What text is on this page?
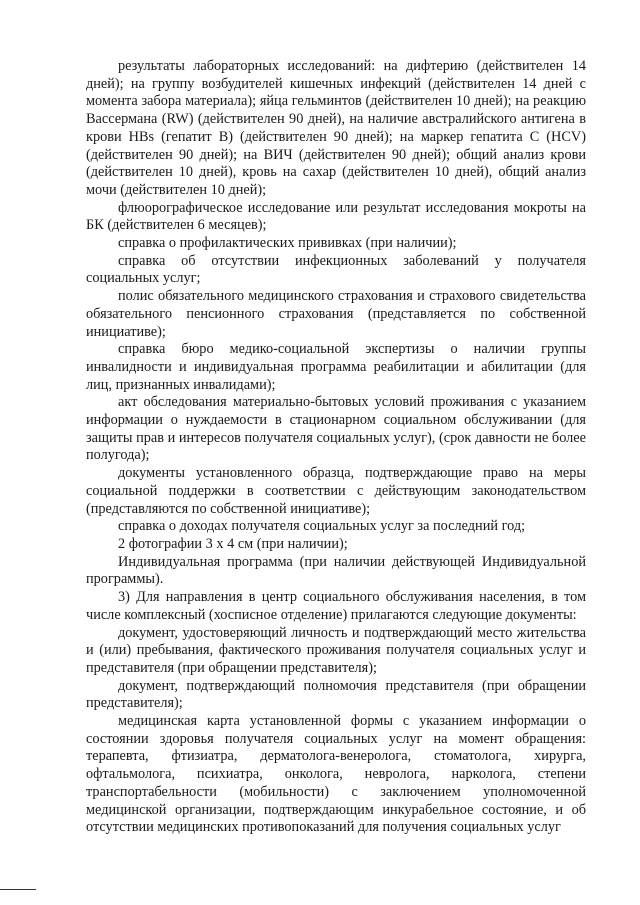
результаты лабораторных исследований: на дифтерию (действителен 14 дней); на группу возбудителей кишечных инфекций (действителен 14 дней с момента забора материала); яйца гельминтов (действителен 10 дней); на реакцию Вассермана (RW) (действителен 90 дней), на наличие австралийского антигена в крови HBs (гепатит B) (действителен 90 дней); на маркер гепатита C (HCV) (действителен 90 дней); на ВИЧ (действителен 90 дней); общий анализ крови (действителен 10 дней), кровь на сахар (действителен 10 дней), общий анализ мочи (действителен 10 дней);

флюорографическое исследование или результат исследования мокроты на БК (действителен 6 месяцев);

справка о профилактических прививках (при наличии);

справка об отсутствии инфекционных заболеваний у получателя социальных услуг;

полис обязательного медицинского страхования и страхового свидетельства обязательного пенсионного страхования (представляется по собственной инициативе);

справка бюро медико-социальной экспертизы о наличии группы инвалидности и индивидуальная программа реабилитации и абилитации (для лиц, признанных инвалидами);

акт обследования материально-бытовых условий проживания с указанием информации о нуждаемости в стационарном социальном обслуживании (для защиты прав и интересов получателя социальных услуг), (срок давности не более полугода);

документы установленного образца, подтверждающие право на меры социальной поддержки в соответствии с действующим законодательством (представляются по собственной инициативе);

справка о доходах получателя социальных услуг за последний год;

2 фотографии 3 х 4 см (при наличии);

Индивидуальная программа (при наличии действующей Индивидуальной программы).

3) Для направления в центр социального обслуживания населения, в том числе комплексный (хосписное отделение) прилагаются следующие документы:

документ, удостоверяющий личность и подтверждающий место жительства и (или) пребывания, фактического проживания получателя социальных услуг и представителя (при обращении представителя);

документ, подтверждающий полномочия представителя (при обращении представителя);

медицинская карта установленной формы с указанием информации о состоянии здоровья получателя социальных услуг на момент обращения: терапевта, фтизиатра, дерматолога-венеролога, стоматолога, хирурга, офтальмолога, психиатра, онколога, невролога, нарколога, степени транспортабельности (мобильности) с заключением уполномоченной медицинской организации, подтверждающим инкурабельное состояние, и об отсутствии медицинских противопоказаний для получения социальных услуг
